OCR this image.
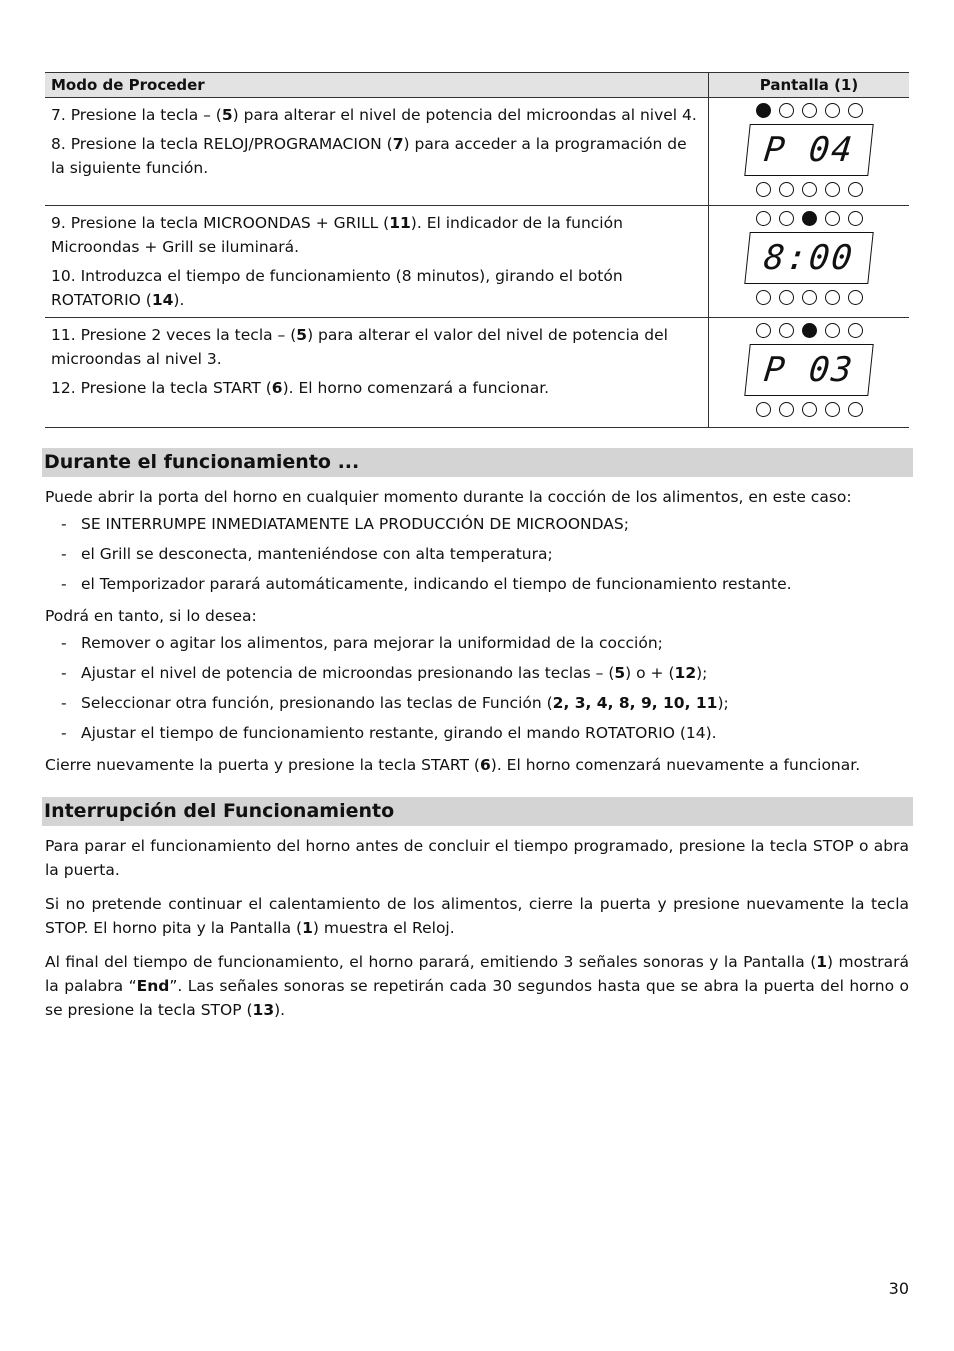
Modo de Proceder	Pantalla (1)

7. Presione la tecla – (5) para alterar el nivel de potencia del microondas al nivel 4.

8. Presione la tecla RELOJ/PROGRAMACION (7) para acceder a la programación de la siguiente función.	P 04

9. Presione la tecla MICROONDAS + GRILL (11). El indicador de la función Microondas + Grill se iluminará.

10. Introduzca el tiempo de funcionamiento (8 minutos), girando el botón ROTATORIO (14).	8:00

11. Presione 2 veces la tecla – (5) para alterar el valor del nivel de potencia del microondas al nivel 3.

12. Presione la tecla START (6). El horno comenzará a funcionar.	P 03
Durante el funcionamiento ...

Puede abrir la porta del horno en cualquier momento durante la cocción de los alimentos, en este caso:

- SE INTERRUMPE INMEDIATAMENTE LA PRODUCCIÓN DE MICROONDAS;
- el Grill se desconecta, manteniéndose con alta temperatura;
- el Temporizador parará automáticamente, indicando el tiempo de funcionamiento restante.

Podrá en tanto, si lo desea:

- Remover o agitar los alimentos, para mejorar la uniformidad de la cocción;
- Ajustar el nivel de potencia de microondas presionando las teclas – (5) o + (12);
- Seleccionar otra función, presionando las teclas de Función (2, 3, 4, 8, 9, 10, 11);
- Ajustar el tiempo de funcionamiento restante, girando el mando ROTATORIO (14).

Cierre nuevamente la puerta y presione la tecla START (6). El horno comenzará nuevamente a funcionar.

Interrupción del Funcionamiento

Para parar el funcionamiento del horno antes de concluir el tiempo programado, presione la tecla STOP o abra la puerta.

Si no pretende continuar el calentamiento de los alimentos, cierre la puerta y presione nuevamente la tecla STOP. El horno pita y la Pantalla (1) muestra el Reloj.

Al final del tiempo de funcionamiento, el horno parará, emitiendo 3 señales sonoras y la Pantalla (1) mostrará la palabra “End”. Las señales sonoras se repetirán cada 30 segundos hasta que se abra la puerta del horno o se presione la tecla STOP (13).

30
